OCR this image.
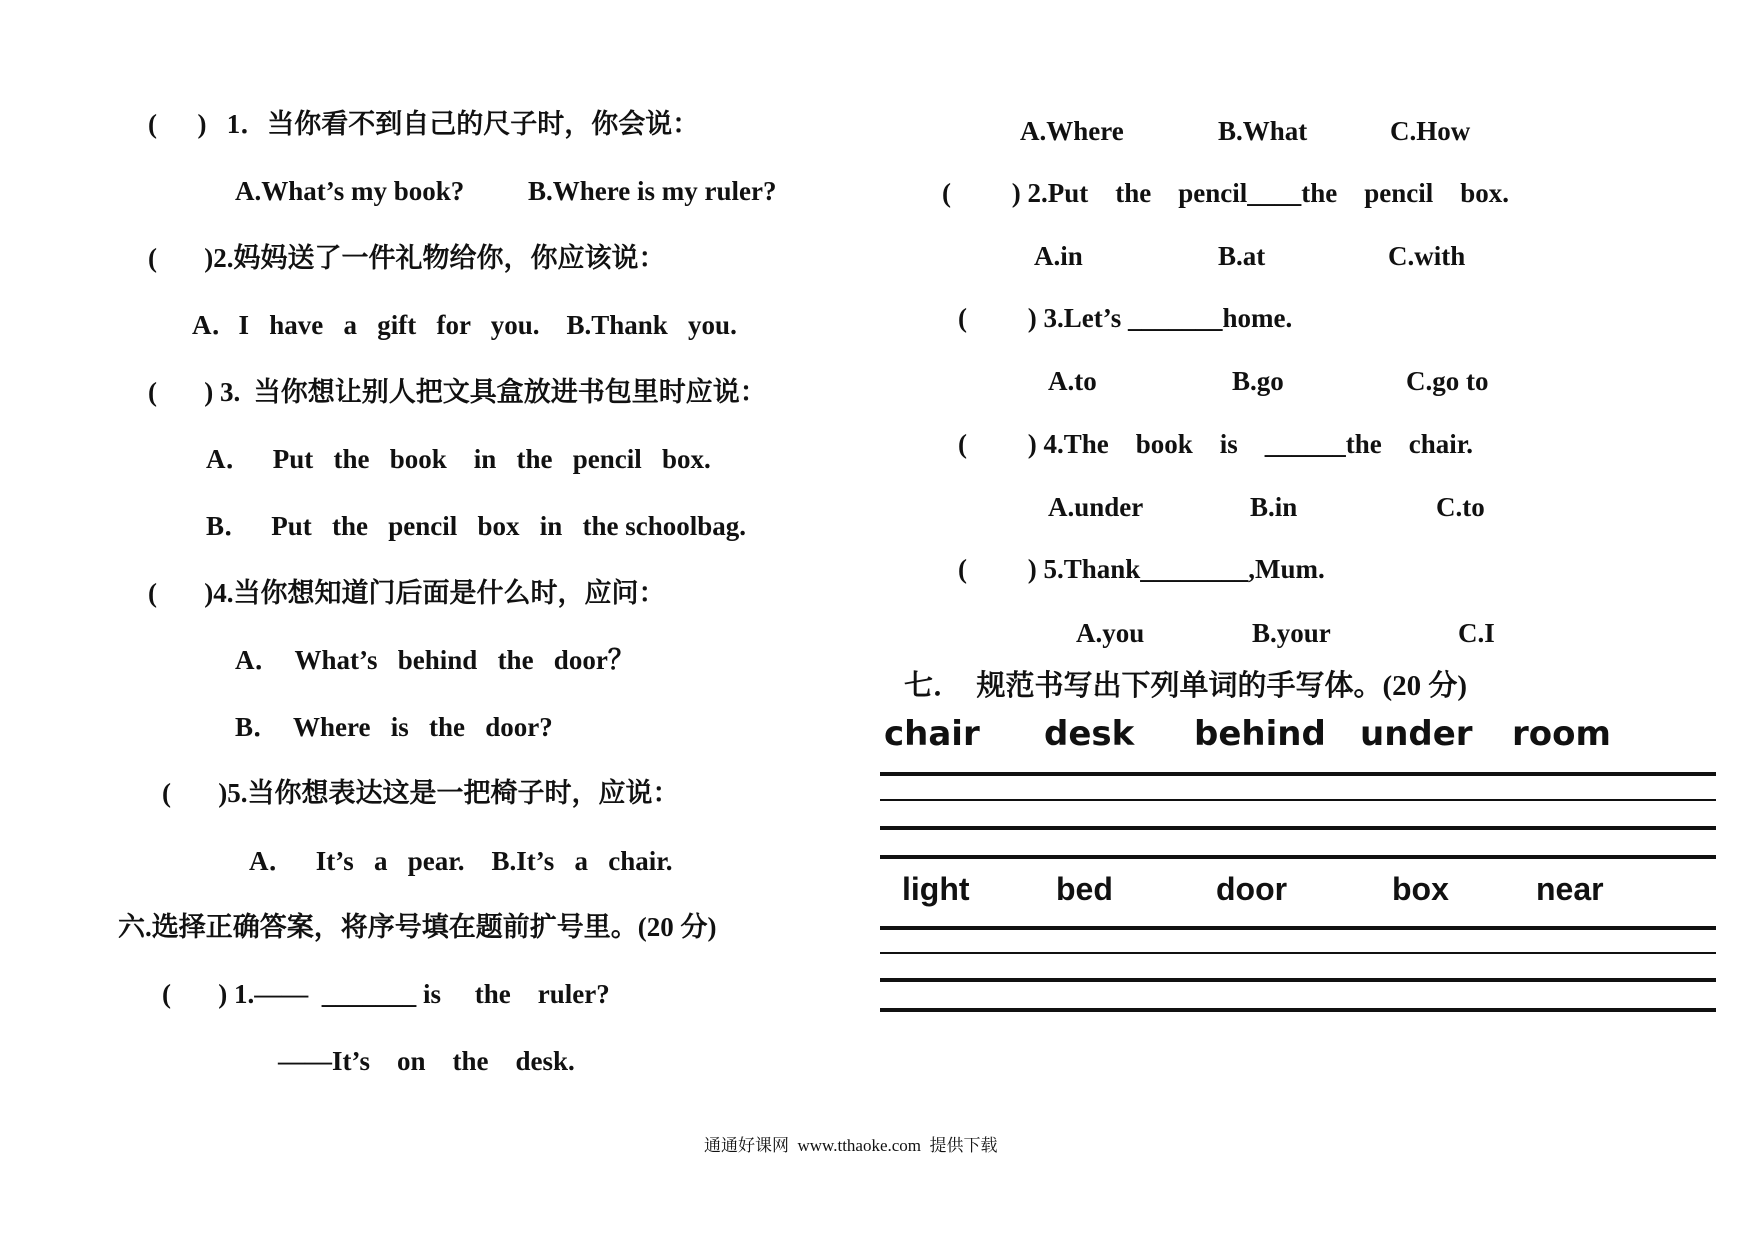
(      )   1．当你看不到自己的尺子时，你会说：
A.What’s my book? B.Where is my ruler?
(       )2.妈妈送了一件礼物给你，你应该说：
A．I   have   a   gift   for   you.    B.Thank   you.
(       ) 3.  当你想让别人把文具盒放进书包里时应说：
A．   Put   the   book    in   the   pencil   box.
B．   Put   the   pencil   box   in   the schoolbag.
(       )4.当你想知道门后面是什么时，应问：
A．  What’s   behind   the   door？
B．  Where   is   the   door?
(       )5.当你想表达这是一把椅子时，应说：
A．   It’s   a   pear.    B.It’s   a   chair.
六.选择正确答案，将序号填在题前扩号里。(20 分)
(       ) 1.——  _______ is     the    ruler?
——It’s    on    the    desk.
A.Where	B.What	C.How
(         ) 2.Put    the    pencil____the    pencil    box.
A.in	B.at	C.with
(         ) 3.Let’s _______home.
A.to	B.go	C.go to
(         ) 4.The    book    is    ______the    chair.
A.under	B.in	C.to
(         ) 5.Thank________,Mum.
A.you	B.your	C.I
七．  规范书写出下列单词的手写体。(20 分)
chair desk behind under room
light	bed	door	box	near
通通好课网  www.tthaoke.com  提供下载
